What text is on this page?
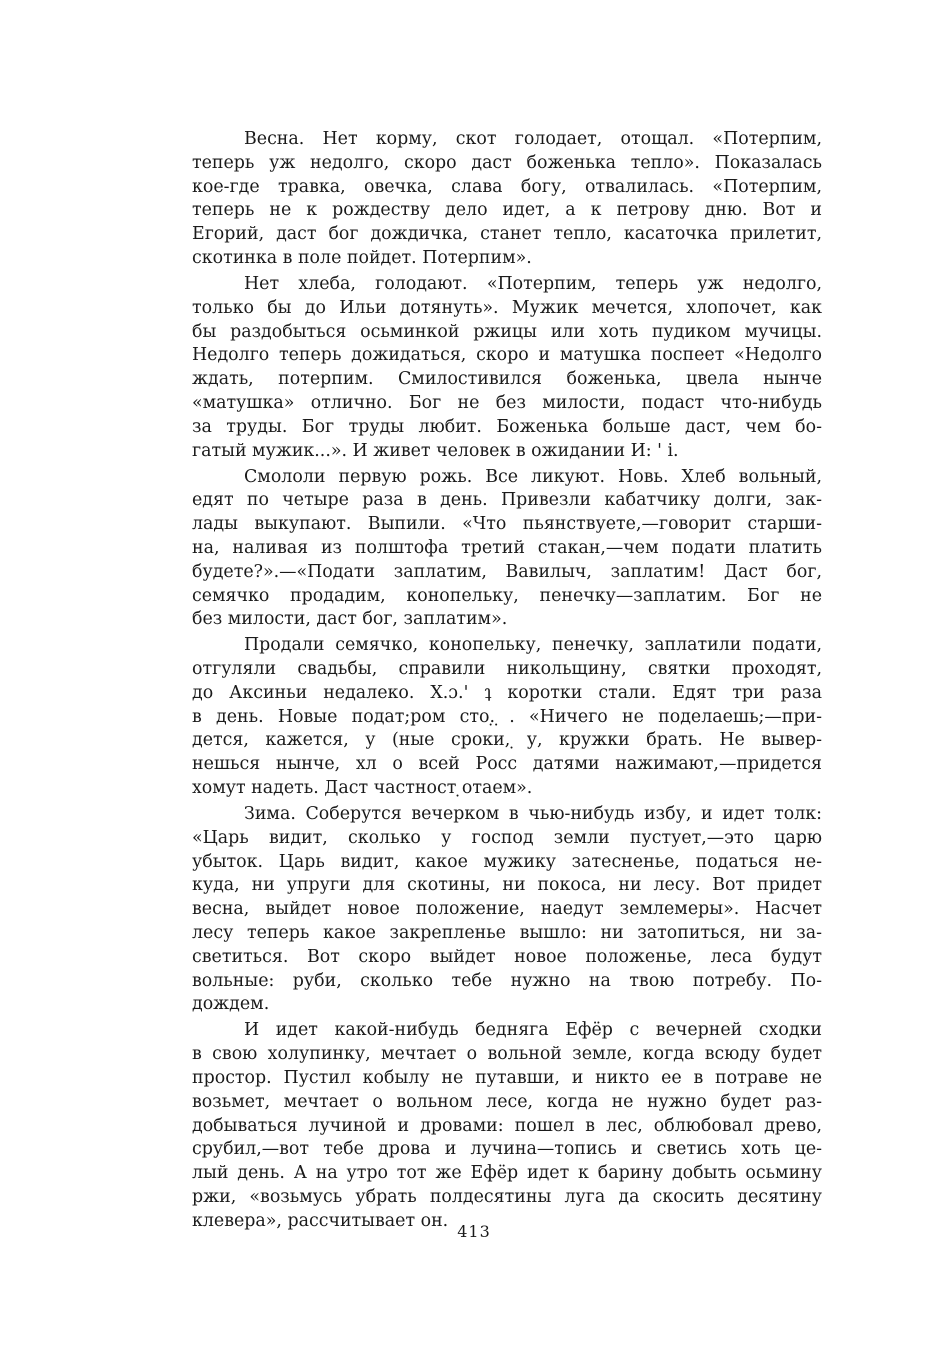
Весна. Нет корму, скот голодает, отощал. «Потерпим,
теперь уж недолго, скоро даст боженька тепло». Показалась
кое-где травка, овечка, слава богу, отвалилась. «Потерпим,
теперь не к рождеству дело идет, а к петрову дню. Вот и
Егорий, даст бог дождичка, станет тепло, касаточка прилетит,
скотинка в поле пойдет. Потерпим».
Нет хлеба, голодают. «Потерпим, теперь уж недолго,
только бы до Ильи дотянуть». Мужик мечется, хлопочет, как
бы раздобыться осьминкой ржицы или хоть пудиком мучицы.
Недолго теперь дожидаться, скоро и матушка поспеет «Недолго
ждать, потерпим. Смилостивился боженька, цвела нынче
«матушка» отлично. Бог не без милости, подаст что-нибудь
за труды. Бог труды любит. Боженька больше даст, чем бо-
гатый мужик...». И живет человек в ожидании И: ' і.
Смололи первую рожь. Все ликуют. Новь. Хлеб вольный,
едят по четыре раза в день. Привезли кабатчику долги, зак-
лады выкупают. Выпили. «Что пьянствуете,—говорит старши-
на, наливая из полштофа третий стакан,—чем подати платить
будете?».—«Подати заплатим, Вавилыч, заплатим! Даст бог,
семячко продадим, конопельку, пенечку—заплатим. Бог не
без милости, даст бог, заплатим».
Продали семячко, конопельку, пенечку, заплатили подати,
отгуляли свадьбы, справили никольщину, святки проходят,
до Аксиньи недалеко. Х.ɔ.' ʇ коротки стали. Едят три раза
в день. Новые подат;ром сто.̣ ̣. «Ничего не поделаешь;—при-
дется, кажется, у (ные сроки, ̣у, кружки брать. Не вывер-
нешься нынче, хл о всей Росс датями нажимают,—придется
хомут надеть. Даст частност ̣отаем».
Зима. Соберутся вечерком в чью-нибудь избу, и идет толк:
«Царь видит, сколько у господ земли пустует,—это царю
убыток. Царь видит, какое мужику затесненье, податься не-
куда, ни упруги для скотины, ни покоса, ни лесу. Вот придет
весна, выйдет новое положение, наедут землемеры». Насчет
лесу теперь какое закрепленье вышло: ни затопиться, ни за-
светиться. Вот скоро выйдет новое положенье, леса будут
вольные: руби, сколько тебе нужно на твою потребу. По-
дождем.
И идет какой-нибудь бедняга Ефёр с вечерней сходки
в свою холупинку, мечтает о вольной земле, когда всюду будет
простор. Пустил кобылу не путавши, и никто ее в потраве не
возьмет, мечтает о вольном лесе, когда не нужно будет раз-
добываться лучиной и дровами: пошел в лес, облюбовал древо,
срубил,—вот тебе дрова и лучина—топись и светись хоть це-
лый день. А на утро тот же Ефёр идет к барину добыть осьмину
ржи, «возьмусь убрать полдесятины луга да скосить десятину
клевера», рассчитывает он.
413
